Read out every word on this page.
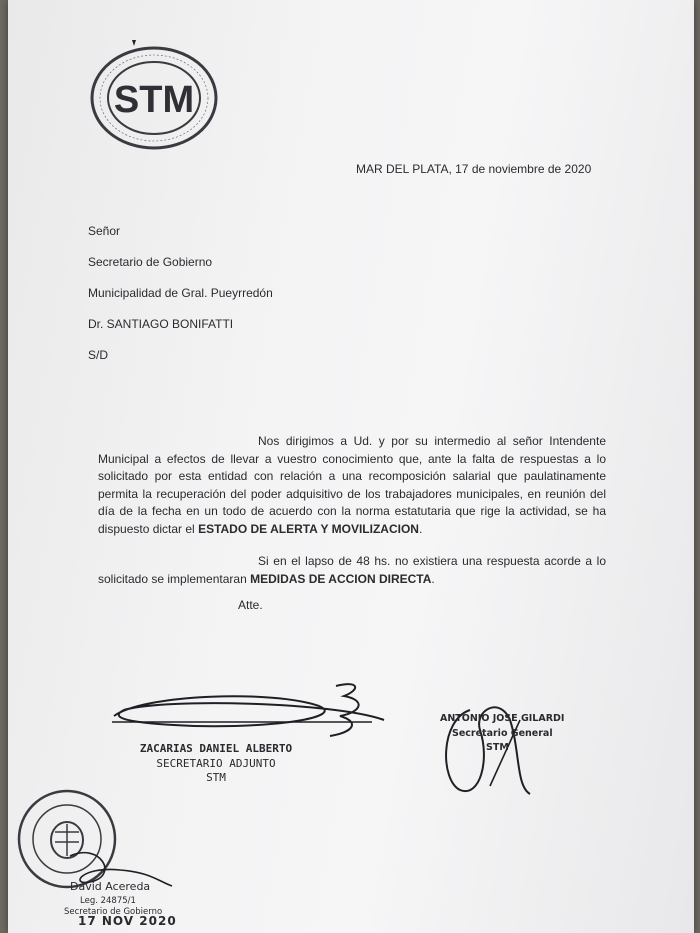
STM
MAR DEL PLATA, 17 de noviembre de 2020
Señor
Secretario de Gobierno
Municipalidad de Gral. Pueyrredón
Dr. SANTIAGO BONIFATTI
S/D
Nos dirigimos a Ud. y por su intermedio al señor Intendente Municipal a efectos de llevar a vuestro conocimiento que, ante la falta de respuestas a lo solicitado por esta entidad con relación a una recomposición salarial que paulatinamente permita la recuperación del poder adquisitivo de los trabajadores municipales, en reunión del día de la fecha en un todo de acuerdo con la norma estatutaria que rige la actividad, se ha dispuesto dictar el ESTADO DE ALERTA Y MOVILIZACION.
Si en el lapso de 48 hs. no existiera una respuesta acorde a lo solicitado se implementaran MEDIDAS DE ACCION DIRECTA.
Atte.
ZACARIAS DANIEL ALBERTO
SECRETARIO ADJUNTO
STM
ANTONIO JOSE GILARDI
Secretario General
STM
David Acereda
Leg. 24875/1
Secretario de Gobierno
17 NOV 2020
